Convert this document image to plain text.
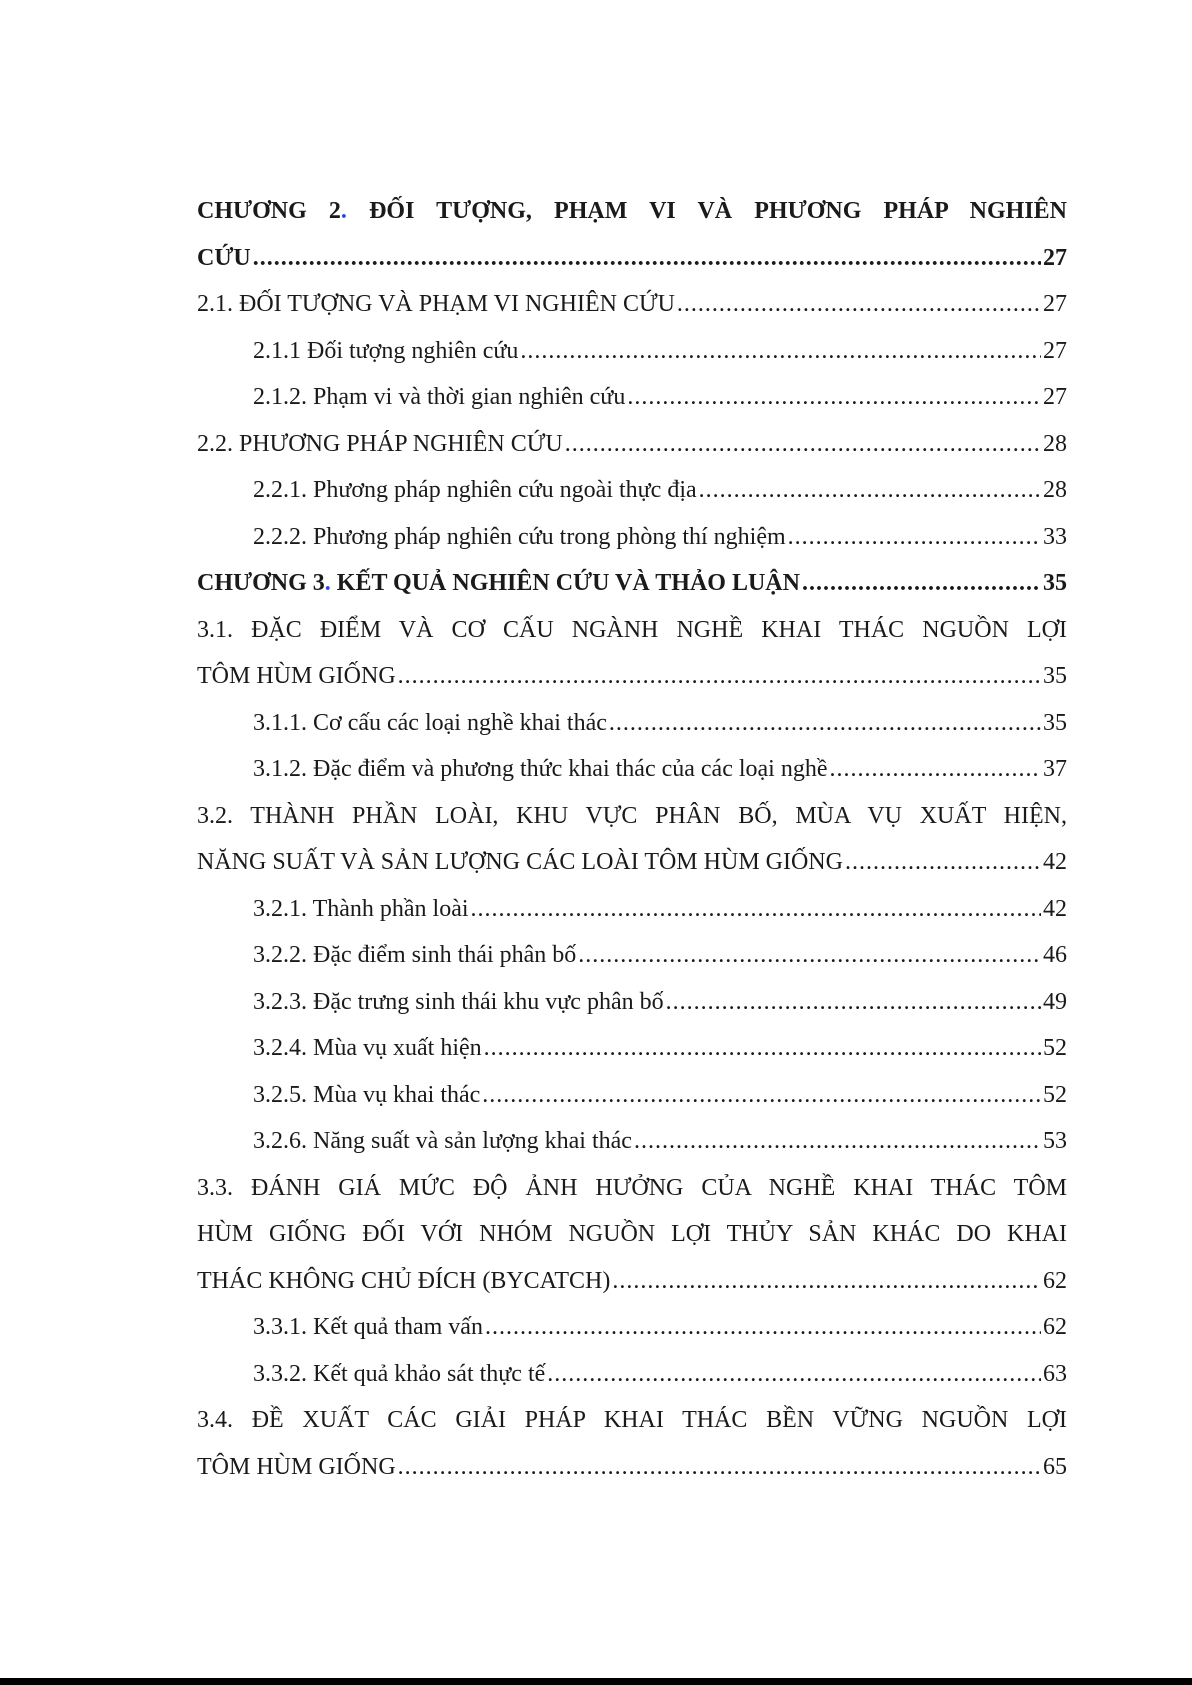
CHƯƠNG 2. ĐỐI TƯỢNG, PHẠM VI VÀ PHƯƠNG PHÁP NGHIÊN
CỨU .....	27
2.1. ĐỐI TƯỢNG VÀ PHẠM VI NGHIÊN CỨU .....	27
2.1.1 Đối tượng nghiên cứu .....	27
2.1.2. Phạm vi và thời gian nghiên cứu .....	27
2.2. PHƯƠNG PHÁP NGHIÊN CỨU .....	28
2.2.1. Phương pháp nghiên cứu ngoài thực địa .....	28
2.2.2. Phương pháp nghiên cứu trong phòng thí nghiệm .....	33
CHƯƠNG 3. KẾT QUẢ NGHIÊN CỨU VÀ THẢO LUẬN .....	35
3.1. ĐẶC ĐIỂM VÀ CƠ CẤU NGÀNH NGHỀ KHAI THÁC NGUỒN LỢI
TÔM HÙM GIỐNG .....	35
3.1.1. Cơ cấu các loại nghề khai thác .....	35
3.1.2. Đặc điểm và phương thức khai thác của các loại nghề .....	37
3.2. THÀNH PHẦN LOÀI, KHU VỰC PHÂN BỐ, MÙA VỤ XUẤT HIỆN,
NĂNG SUẤT VÀ SẢN LƯỢNG CÁC LOÀI TÔM HÙM GIỐNG .....	42
3.2.1. Thành phần loài .....	42
3.2.2. Đặc điểm sinh thái phân bố .....	46
3.2.3. Đặc trưng sinh thái khu vực phân bố .....	49
3.2.4. Mùa vụ xuất hiện .....	52
3.2.5. Mùa vụ khai thác .....	52
3.2.6. Năng suất và sản lượng khai thác .....	53
3.3. ĐÁNH GIÁ MỨC ĐỘ ẢNH HƯỞNG CỦA NGHỀ KHAI THÁC TÔM
HÙM GIỐNG ĐỐI VỚI NHÓM NGUỒN LỢI THỦY SẢN KHÁC DO KHAI
THÁC KHÔNG CHỦ ĐÍCH (BYCATCH) .....	62
3.3.1. Kết quả tham vấn .....	62
3.3.2. Kết quả khảo sát thực tế .....	63
3.4. ĐỀ XUẤT CÁC GIẢI PHÁP KHAI THÁC BỀN VỮNG NGUỒN LỢI
TÔM HÙM GIỐNG .....	65
